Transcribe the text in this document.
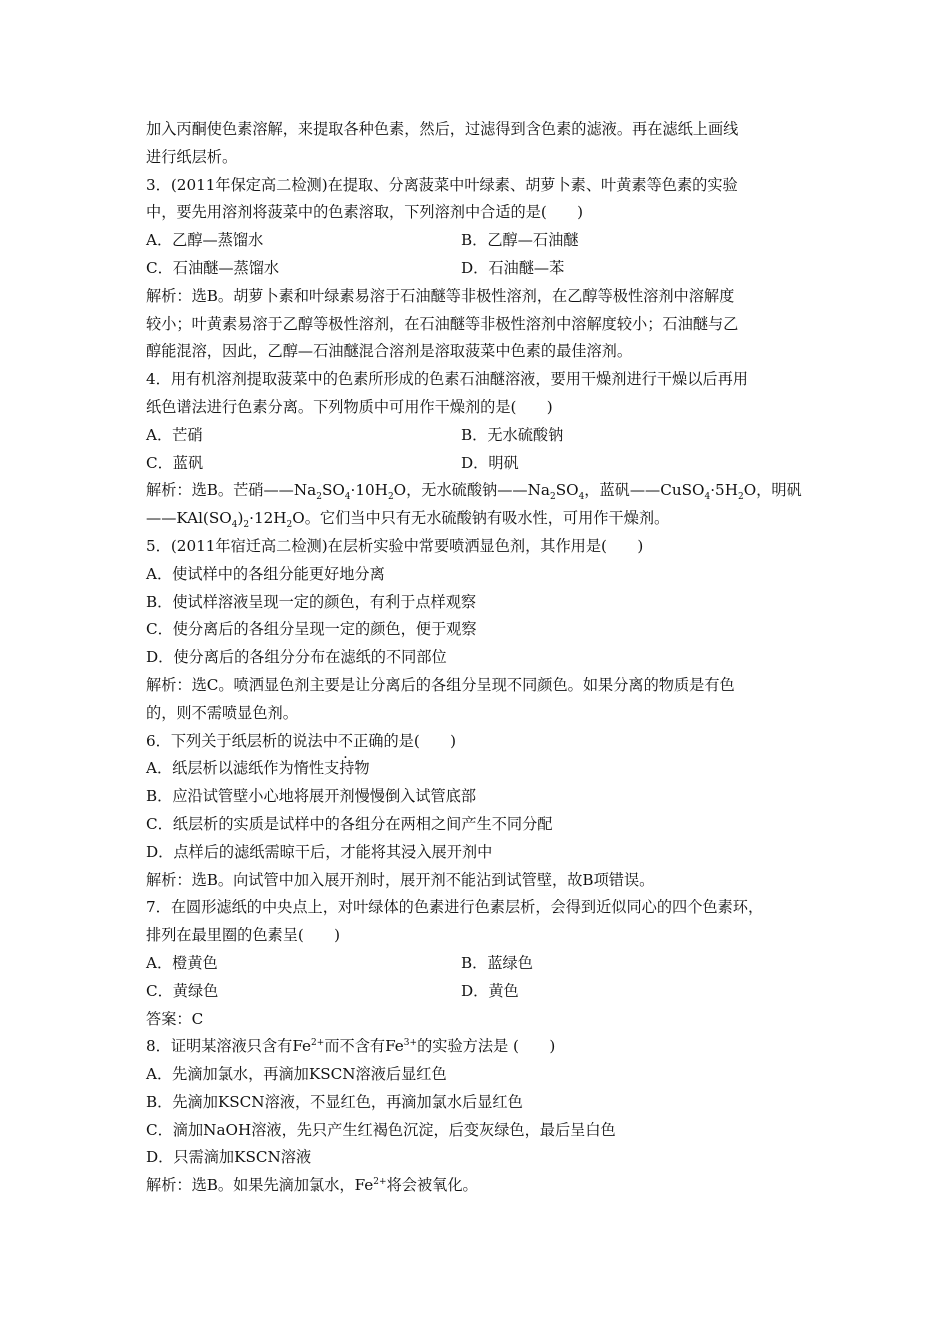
加入丙酮使色素溶解，来提取各种色素，然后，过滤得到含色素的滤液。再在滤纸上画线
进行纸层析。
3．(2011年保定高二检测)在提取、分离菠菜中叶绿素、胡萝卜素、叶黄素等色素的实验
中，要先用溶剂将菠菜中的色素溶取，下列溶剂中合适的是(　　)
A．乙醇—蒸馏水	B．乙醇—石油醚
C．石油醚—蒸馏水	D．石油醚—苯
解析：选B。胡萝卜素和叶绿素易溶于石油醚等非极性溶剂，在乙醇等极性溶剂中溶解度
较小；叶黄素易溶于乙醇等极性溶剂，在石油醚等非极性溶剂中溶解度较小；石油醚与乙
醇能混溶，因此，乙醇—石油醚混合溶剂是溶取菠菜中色素的最佳溶剂。
4．用有机溶剂提取菠菜中的色素所形成的色素石油醚溶液，要用干燥剂进行干燥以后再用
纸色谱法进行色素分离。下列物质中可用作干燥剂的是(　　)
A．芒硝	B．无水硫酸钠
C．蓝矾	D．明矾
解析：选B。芒硝$——Na_2SO_4\cdot 10H_2O$，无水硫酸钠$——Na_2SO_4$，蓝矾$——CuSO_4\cdot 5H_2O$，明矾
$——KAl(SO_4)_2\cdot 12H_2O$。它们当中只有无水硫酸钠有吸水性，可用作干燥剂。
5．(2011年宿迁高二检测)在层析实验中常要喷洒显色剂，其作用是(　　)
A．使试样中的各组分能更好地分离
B．使试样溶液呈现一定的颜色，有利于点样观察
C．使分离后的各组分呈现一定的颜色，便于观察
D．使分离后的各组分分布在滤纸的不同部位
解析：选C。喷洒显色剂主要是让分离后的各组分呈现不同颜色。如果分离的物质是有色
的，则不需喷显色剂。
6．下列关于纸层析的说法中不正确的是(　　)
A．纸层析以滤纸作为惰性支持物
B．应沿试管壁小心地将展开剂慢慢倒入试管底部
C．纸层析的实质是试样中的各组分在两相之间产生不同分配
D．点样后的滤纸需晾干后，才能将其浸入展开剂中
解析：选B。向试管中加入展开剂时，展开剂不能沾到试管壁，故B项错误。
7．在圆形滤纸的中央点上，对叶绿体的色素进行色素层析，会得到近似同心的四个色素环，
排列在最里圈的色素呈(　　)
A．橙黄色	B．蓝绿色
C．黄绿色	D．黄色
答案：C
8．证明某溶液只含有$Fe^{2+}$而不含有$Fe^{3+}$的实验方法是 (　　)
A．先滴加氯水，再滴加KSCN溶液后显红色
B．先滴加KSCN溶液，不显红色，再滴加氯水后显红色
C．滴加NaOH溶液，先只产生红褐色沉淀，后变灰绿色，最后呈白色
D．只需滴加KSCN溶液
解析：选B。如果先滴加氯水，$Fe^{2+}$将会被氧化。
